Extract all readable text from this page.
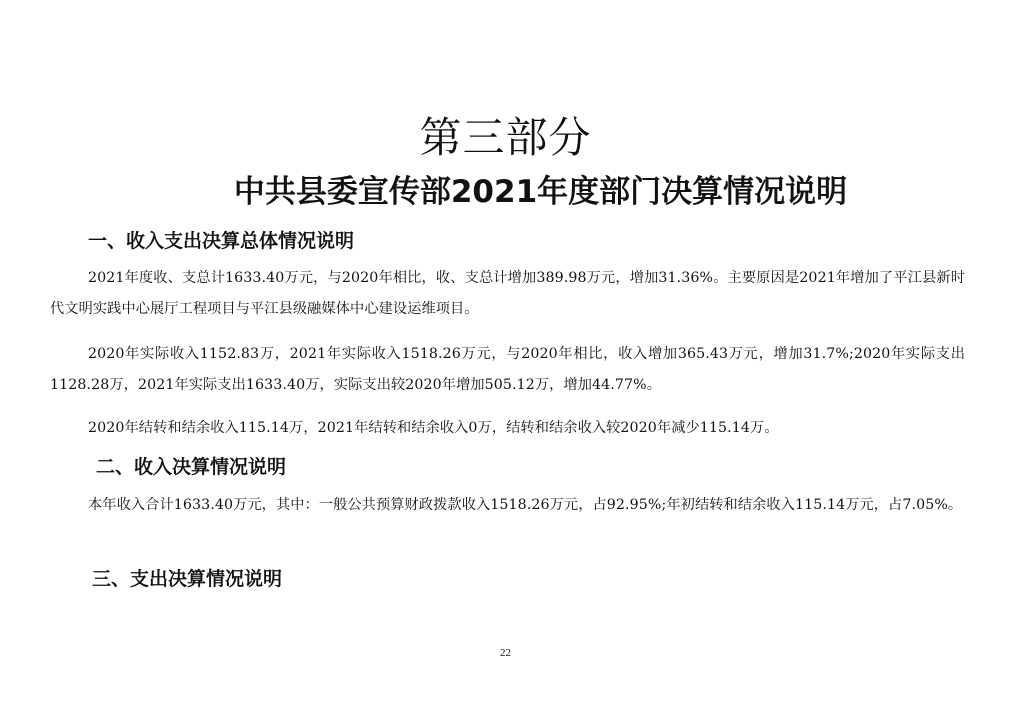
第三部分
中共县委宣传部2021年度部门决算情况说明
一、收入支出决算总体情况说明

2021年度收、支总计1633.40万元，与2020年相比，收、支总计增加389.98万元，增加31.36%。主要原因是2021年增加了平江县新时代文明实践中心展厅工程项目与平江县级融媒体中心建设运维项目。

2020年实际收入1152.83万，2021年实际收入1518.26万元，与2020年相比，收入增加365.43万元，增加31.7%;2020年实际支出1128.28万，2021年实际支出1633.40万，实际支出较2020年增加505.12万，增加44.77%。

2020年结转和结余收入115.14万，2021年结转和结余收入0万，结转和结余收入较2020年减少115.14万。

二、收入决算情况说明

本年收入合计1633.40万元，其中：一般公共预算财政拨款收入1518.26万元，占92.95%;年初结转和结余收入115.14万元，占7.05%。

三、支出决算情况说明
22
